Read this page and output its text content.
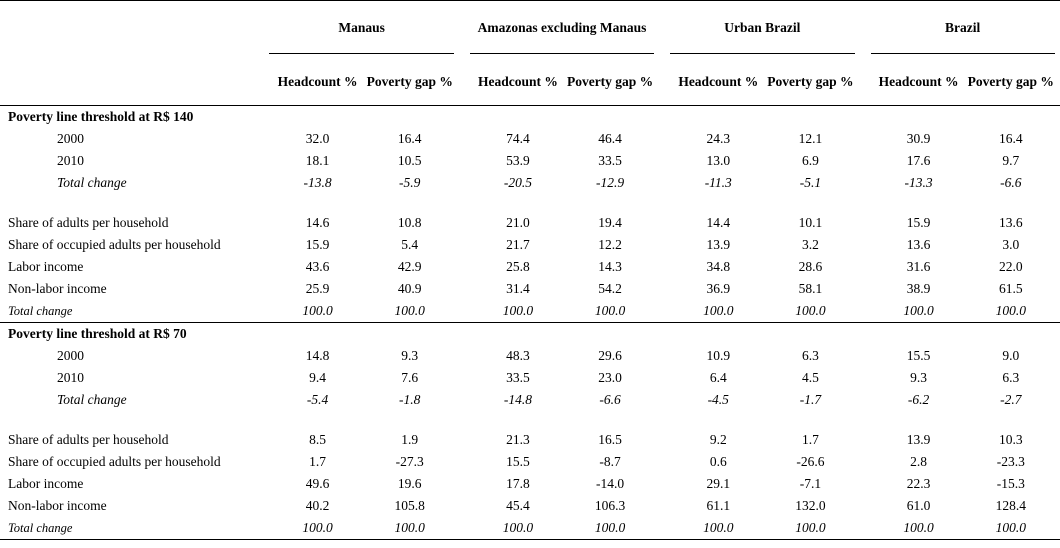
		Manaus				Amazonas excluding Manaus				Urban Brazil				Brazil		

		Headcount %	Poverty gap %			Headcount %	Poverty gap %			Headcount %	Poverty gap %			Headcount %	Poverty gap %	
Poverty line threshold at R$ 140																
2000		32.0	16.4			74.4	46.4			24.3	12.1			30.9	16.4	
2010		18.1	10.5			53.9	33.5			13.0	6.9			17.6	9.7	
Total change		-13.8	-5.9			-20.5	-12.9			-11.3	-5.1			-13.3	-6.6	

Share of adults per household		14.6	10.8			21.0	19.4			14.4	10.1			15.9	13.6	
Share of occupied adults per household		15.9	5.4			21.7	12.2			13.9	3.2			13.6	3.0	
Labor income		43.6	42.9			25.8	14.3			34.8	28.6			31.6	22.0	
Non-labor income		25.9	40.9			31.4	54.2			36.9	58.1			38.9	61.5	
Total change		100.0	100.0			100.0	100.0			100.0	100.0			100.0	100.0	
Poverty line threshold at R$ 70																
2000		14.8	9.3			48.3	29.6			10.9	6.3			15.5	9.0	
2010		9.4	7.6			33.5	23.0			6.4	4.5			9.3	6.3	
Total change		-5.4	-1.8			-14.8	-6.6			-4.5	-1.7			-6.2	-2.7	

Share of adults per household		8.5	1.9			21.3	16.5			9.2	1.7			13.9	10.3	
Share of occupied adults per household		1.7	-27.3			15.5	-8.7			0.6	-26.6			2.8	-23.3	
Labor income		49.6	19.6			17.8	-14.0			29.1	-7.1			22.3	-15.3	
Non-labor income		40.2	105.8			45.4	106.3			61.1	132.0			61.0	128.4	
Total change		100.0	100.0			100.0	100.0			100.0	100.0			100.0	100.0	
